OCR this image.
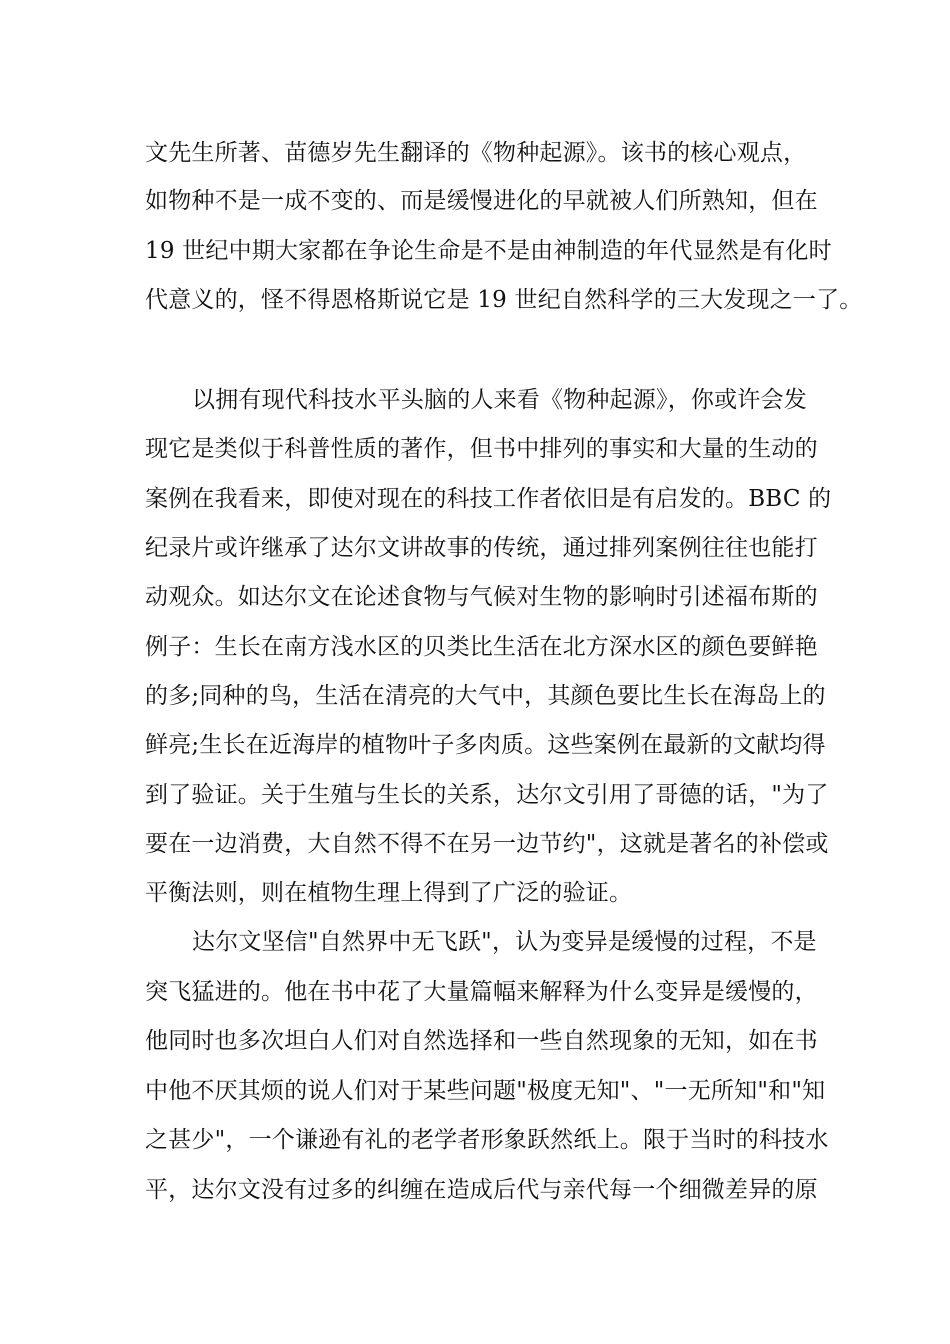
文先生所著、苗德岁先生翻译的《物种起源》。该书的核心观点，
如物种不是一成不变的、而是缓慢进化的早就被人们所熟知，但在
19 世纪中期大家都在争论生命是不是由神制造的年代显然是有化时
代意义的，怪不得恩格斯说它是 19 世纪自然科学的三大发现之一了。
以拥有现代科技水平头脑的人来看《物种起源》，你或许会发
现它是类似于科普性质的著作，但书中排列的事实和大量的生动的
案例在我看来，即使对现在的科技工作者依旧是有启发的。BBC 的
纪录片或许继承了达尔文讲故事的传统，通过排列案例往往也能打
动观众。如达尔文在论述食物与气候对生物的影响时引述福布斯的
例子：生长在南方浅水区的贝类比生活在北方深水区的颜色要鲜艳
的多;同种的鸟，生活在清亮的大气中，其颜色要比生长在海岛上的
鲜亮;生长在近海岸的植物叶子多肉质。这些案例在最新的文献均得
到了验证。关于生殖与生长的关系，达尔文引用了哥德的话，"为了
要在一边消费，大自然不得不在另一边节约"，这就是著名的补偿或
平衡法则，则在植物生理上得到了广泛的验证。
达尔文坚信"自然界中无飞跃"，认为变异是缓慢的过程，不是
突飞猛进的。他在书中花了大量篇幅来解释为什么变异是缓慢的，
他同时也多次坦白人们对自然选择和一些自然现象的无知，如在书
中他不厌其烦的说人们对于某些问题"极度无知"、"一无所知"和"知
之甚少"，一个谦逊有礼的老学者形象跃然纸上。限于当时的科技水
平，达尔文没有过多的纠缠在造成后代与亲代每一个细微差异的原
